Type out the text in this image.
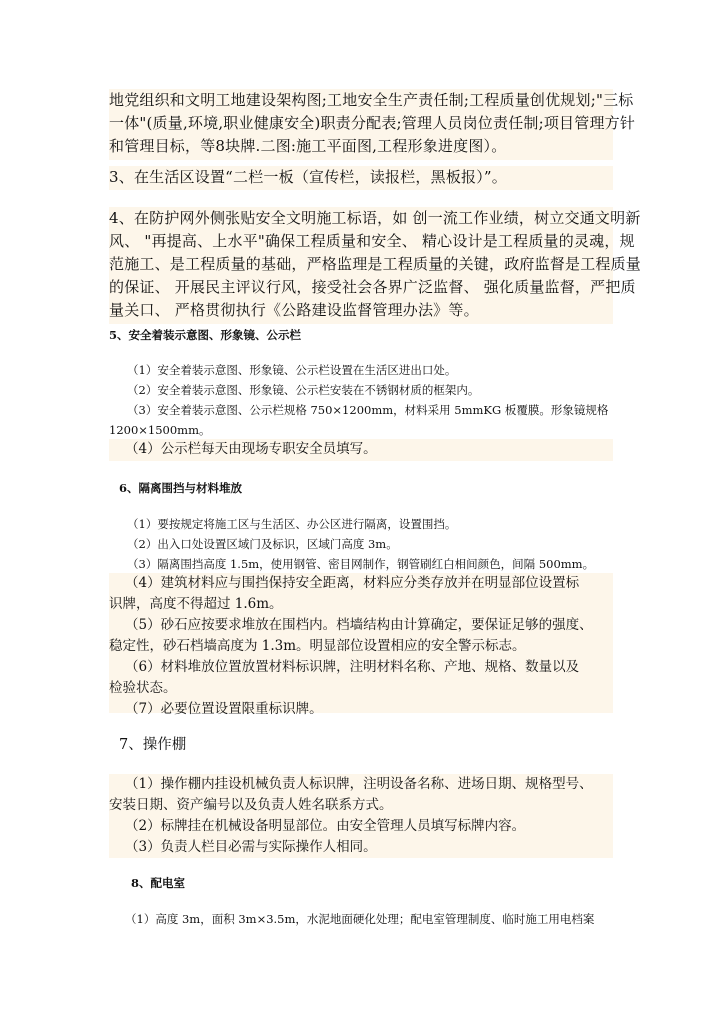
地党组织和文明工地建设架构图;工地安全生产责任制;工程质量创优规划;"三标
一体"(质量,环境,职业健康安全)职责分配表;管理人员岗位责任制;项目管理方针
和管理目标，等8块牌.二图:施工平面图,工程形象进度图）。
3、在生活区设置“二栏一板（宣传栏，读报栏，黑板报）”。
4、在防护网外侧张贴安全文明施工标语，如 创一流工作业绩，树立交通文明新
风、 "再提高、上水平"确保工程质量和安全、 精心设计是工程质量的灵魂，规
范施工、是工程质量的基础，严格监理是工程质量的关键，政府监督是工程质量
的保证、 开展民主评议行风，接受社会各界广泛监督、 强化质量监督，严把质
量关口、 严格贯彻执行《公路建设监督管理办法》等。
5、安全着装示意图、形象镜、公示栏
（1）安全着装示意图、形象镜、公示栏设置在生活区进出口处。
（2）安全着装示意图、形象镜、公示栏安装在不锈钢材质的框架内。
（3）安全着装示意图、公示栏规格 750×1200mm，材料采用 5mmKG 板覆膜。形象镜规格
1200×1500mm。
（4）公示栏每天由现场专职安全员填写。
6、隔离围挡与材料堆放
（1）要按规定将施工区与生活区、办公区进行隔离，设置围挡。
（2）出入口处设置区域门及标识，区域门高度 3m。
（3）隔离围挡高度 1.5m，使用钢管、密目网制作，钢管刷红白相间颜色，间隔 500mm。
（4）建筑材料应与围挡保持安全距离，材料应分类存放并在明显部位设置标
识牌，高度不得超过 1.6m。
（5）砂石应按要求堆放在围档内。档墙结构由计算确定，要保证足够的强度、
稳定性，砂石档墙高度为 1.3m。明显部位设置相应的安全警示标志。
（6）材料堆放位置放置材料标识牌，注明材料名称、产地、规格、数量以及
检验状态。
（7）必要位置设置限重标识牌。
7、操作棚
（1）操作棚内挂设机械负责人标识牌，注明设备名称、进场日期、规格型号、
安装日期、资产编号以及负责人姓名联系方式。
（2）标牌挂在机械设备明显部位。由安全管理人员填写标牌内容。
（3）负责人栏目必需与实际操作人相同。
8、配电室
（1）高度 3m，面积 3m×3.5m，水泥地面硬化处理；配电室管理制度、临时施工用电档案
